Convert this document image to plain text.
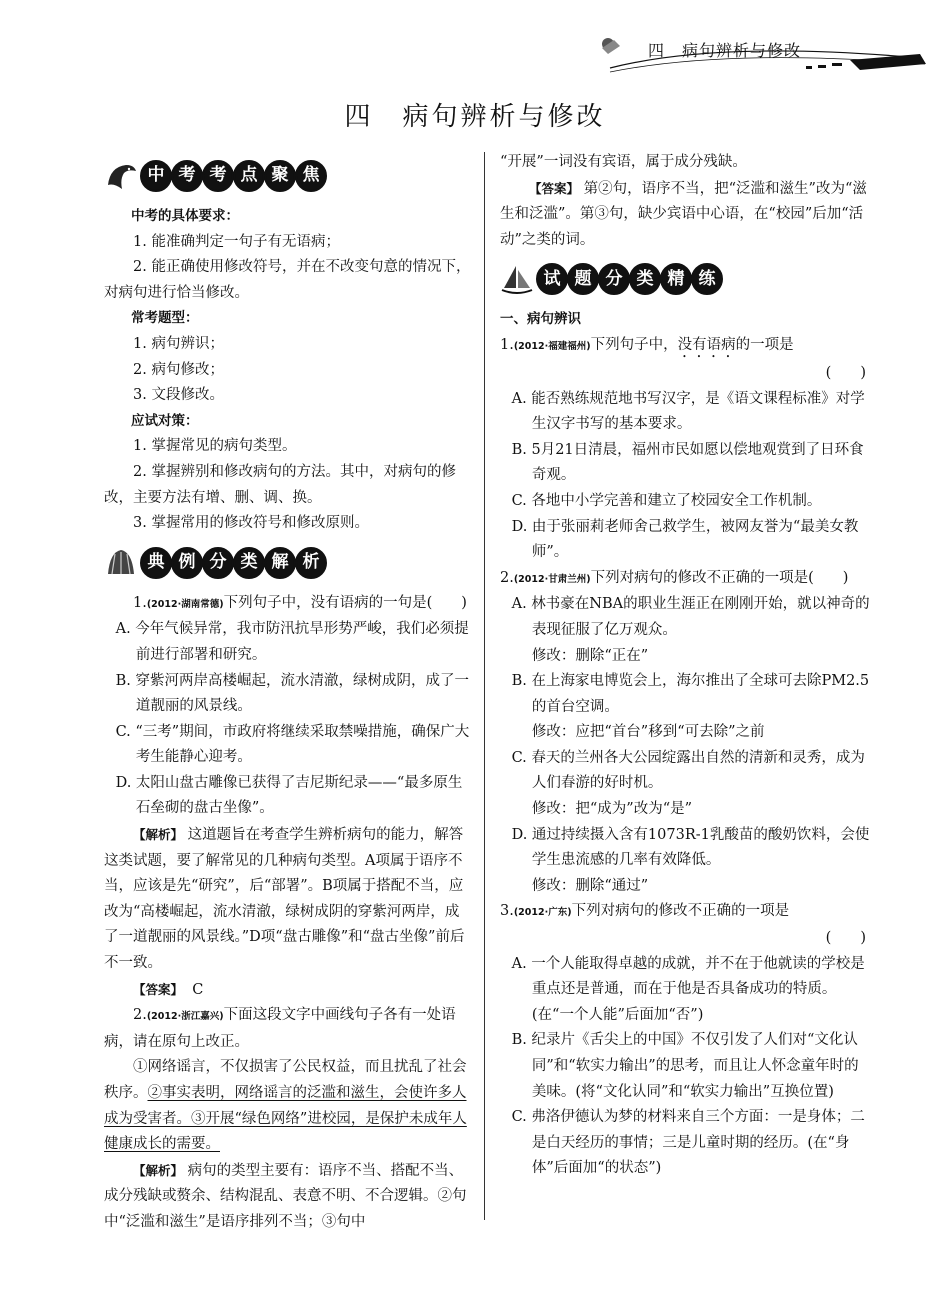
四　病句辨析与修改
四　病句辨析与修改
中 考 考 点 聚 焦

中考的具体要求：

1. 能准确判定一句子有无语病；

2. 能正确使用修改符号，并在不改变句意的情况下，对病句进行恰当修改。

常考题型：

1. 病句辨识；

2. 病句修改；

3. 文段修改。

应试对策：

1. 掌握常见的病句类型。

2. 掌握辨别和修改病句的方法。其中，对病句的修改，主要方法有增、删、调、换。

3. 掌握常用的修改符号和修改原则。

典 例 分 类 解 析

1.(2012·湖南常德)下列句子中，没有语病的一句是(　　)

A. 今年气候异常，我市防汛抗旱形势严峻，我们必须提前进行部署和研究。

B. 穿紫河两岸高楼崛起，流水清澈，绿树成阴，成了一道靓丽的风景线。

C. “三考”期间，市政府将继续采取禁噪措施，确保广大考生能静心迎考。

D. 太阳山盘古雕像已获得了吉尼斯纪录——“最多原生石垒砌的盘古坐像”。

【解析】 这道题旨在考查学生辨析病句的能力，解答这类试题，要了解常见的几种病句类型。A项属于语序不当，应该是先“研究”，后“部署”。B项属于搭配不当，应改为“高楼崛起，流水清澈，绿树成阴的穿紫河两岸，成了一道靓丽的风景线。”D项“盘古雕像”和“盘古坐像”前后不一致。

【答案】 C

2.(2012·浙江嘉兴)下面这段文字中画线句子各有一处语病，请在原句上改正。

①网络谣言，不仅损害了公民权益，而且扰乱了社会秩序。②事实表明，网络谣言的泛滥和滋生，会使许多人成为受害者。③开展“绿色网络”进校园，是保护未成年人健康成长的需要。

【解析】 病句的类型主要有：语序不当、搭配不当、成分残缺或赘余、结构混乱、表意不明、不合逻辑。②句中“泛滥和滋生”是语序排列不当；③句中

“开展”一词没有宾语，属于成分残缺。

【答案】 第②句，语序不当，把“泛滥和滋生”改为“滋生和泛滥”。第③句，缺少宾语中心语，在“校园”后加“活动”之类的词。

试 题 分 类 精 练

一、病句辨识

1.(2012·福建福州)下列句子中，没有语病的一项是

(　　)

A. 能否熟练规范地书写汉字，是《语文课程标准》对学生汉字书写的基本要求。

B. 5月21日清晨，福州市民如愿以偿地观赏到了日环食奇观。

C. 各地中小学完善和建立了校园安全工作机制。

D. 由于张丽莉老师舍己救学生，被网友誉为“最美女教师”。

2.(2012·甘肃兰州)下列对病句的修改不正确的一项是(　　)

A. 林书豪在NBA的职业生涯正在刚刚开始，就以神奇的表现征服了亿万观众。

修改：删除“正在”

B. 在上海家电博览会上，海尔推出了全球可去除PM2.5的首台空调。

修改：应把“首台”移到“可去除”之前

C. 春天的兰州各大公园绽露出自然的清新和灵秀，成为人们春游的好时机。

修改：把“成为”改为“是”

D. 通过持续摄入含有1073R-1乳酸苗的酸奶饮料，会使学生患流感的几率有效降低。

修改：删除“通过”

3.(2012·广东)下列对病句的修改不正确的一项是

(　　)

A. 一个人能取得卓越的成就，并不在于他就读的学校是重点还是普通，而在于他是否具备成功的特质。(在“一个人能”后面加“否”)

B. 纪录片《舌尖上的中国》不仅引发了人们对“文化认同”和“软实力输出”的思考，而且让人怀念童年时的美味。(将“文化认同”和“软实力输出”互换位置)

C. 弗洛伊德认为梦的材料来自三个方面：一是身体；二是白天经历的事情；三是儿童时期的经历。(在“身体”后面加“的状态”)
